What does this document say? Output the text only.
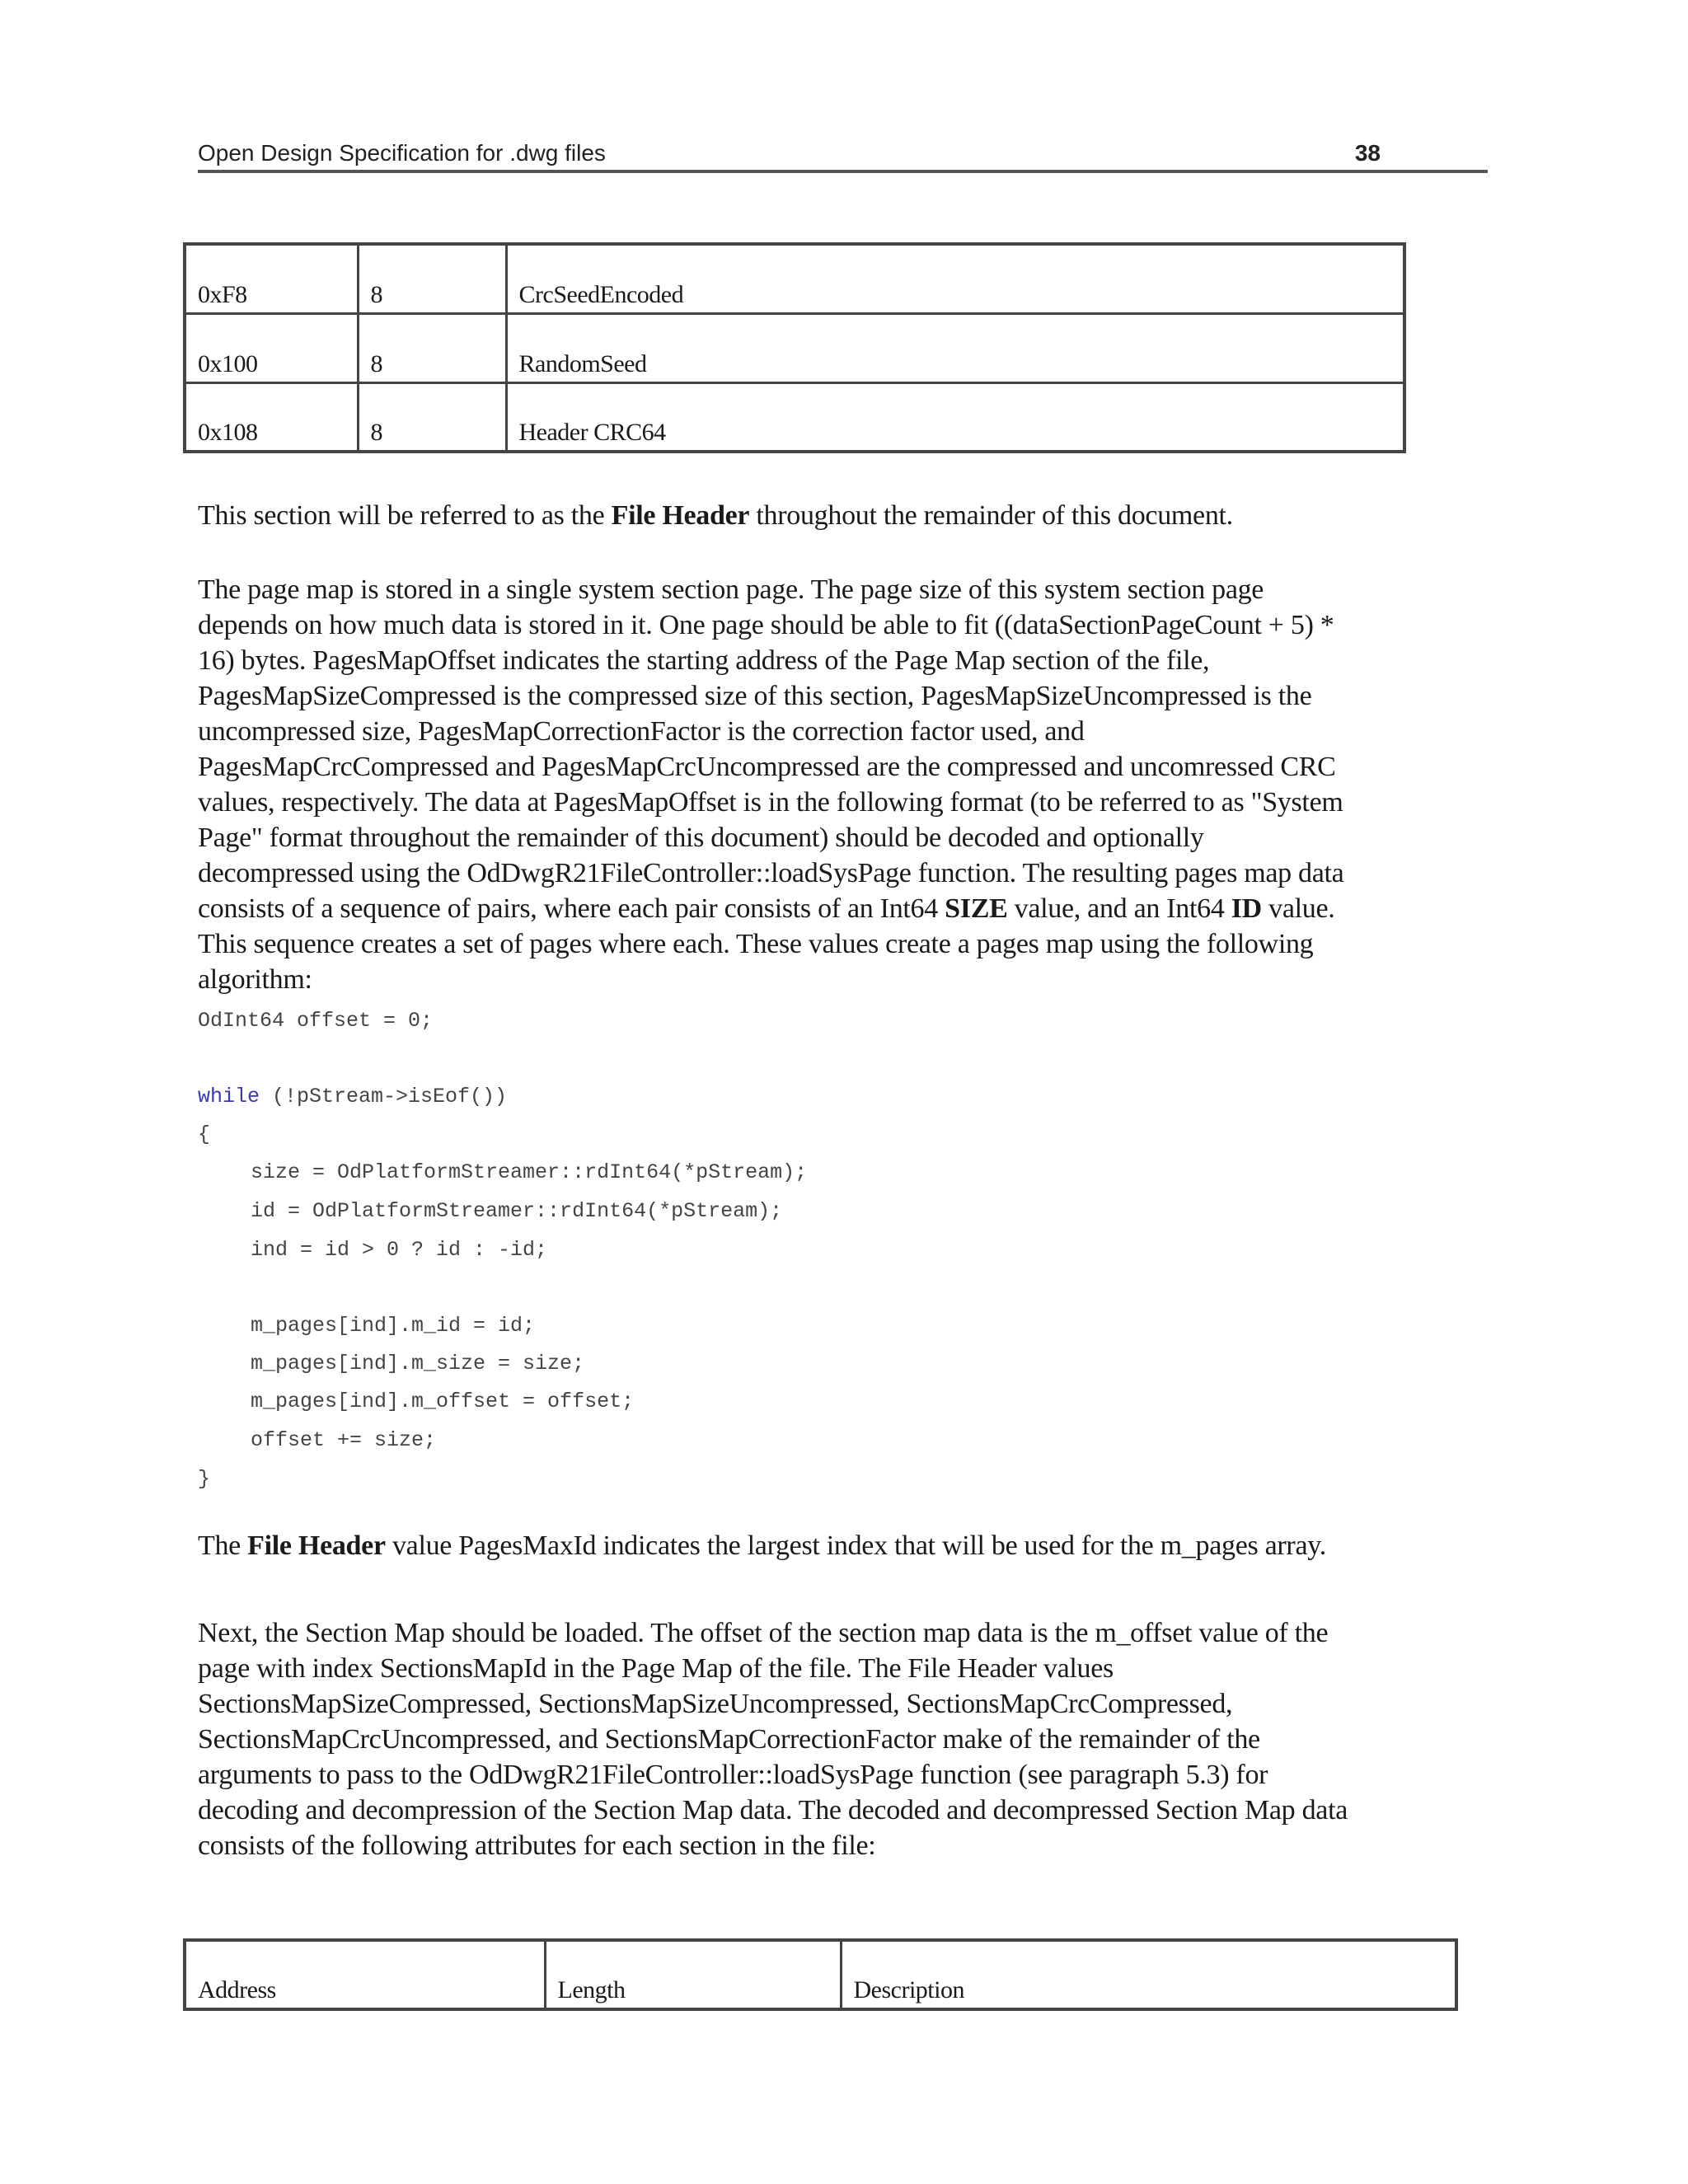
Open Design Specification for .dwg files	38
0xF8	8	CrcSeedEncoded
0x100	8	RandomSeed
0x108	8	Header CRC64
This section will be referred to as the File Header throughout the remainder of this document.
The page map is stored in a single system section page. The page size of this system section page
depends on how much data is stored in it. One page should be able to fit ((dataSectionPageCount + 5) *
16) bytes. PagesMapOffset indicates the starting address of the Page Map section of the file,
PagesMapSizeCompressed is the compressed size of this section, PagesMapSizeUncompressed is the
uncompressed size, PagesMapCorrectionFactor is the correction factor used, and
PagesMapCrcCompressed and PagesMapCrcUncompressed are the compressed and uncomressed CRC
values, respectively. The data at PagesMapOffset is in the following format (to be referred to as "System
Page" format throughout the remainder of this document) should be decoded and optionally
decompressed using the OdDwgR21FileController::loadSysPage function. The resulting pages map data
consists of a sequence of pairs, where each pair consists of an Int64 SIZE value, and an Int64 ID value.
This sequence creates a set of pages where each. These values create a pages map using the following
algorithm:
OdInt64 offset = 0;
while (!pStream->isEof())
{
size = OdPlatformStreamer::rdInt64(*pStream);
id = OdPlatformStreamer::rdInt64(*pStream);
ind = id > 0 ? id : -id;
m_pages[ind].m_id = id;
m_pages[ind].m_size = size;
m_pages[ind].m_offset = offset;
offset += size;
}
The File Header value PagesMaxId indicates the largest index that will be used for the m_pages array.
Next, the Section Map should be loaded. The offset of the section map data is the m_offset value of the
page with index SectionsMapId in the Page Map of the file. The File Header values
SectionsMapSizeCompressed, SectionsMapSizeUncompressed, SectionsMapCrcCompressed,
SectionsMapCrcUncompressed, and SectionsMapCorrectionFactor make of the remainder of the
arguments to pass to the OdDwgR21FileController::loadSysPage function (see paragraph 5.3) for
decoding and decompression of the Section Map data. The decoded and decompressed Section Map data
consists of the following attributes for each section in the file:
Address	Length	Description
